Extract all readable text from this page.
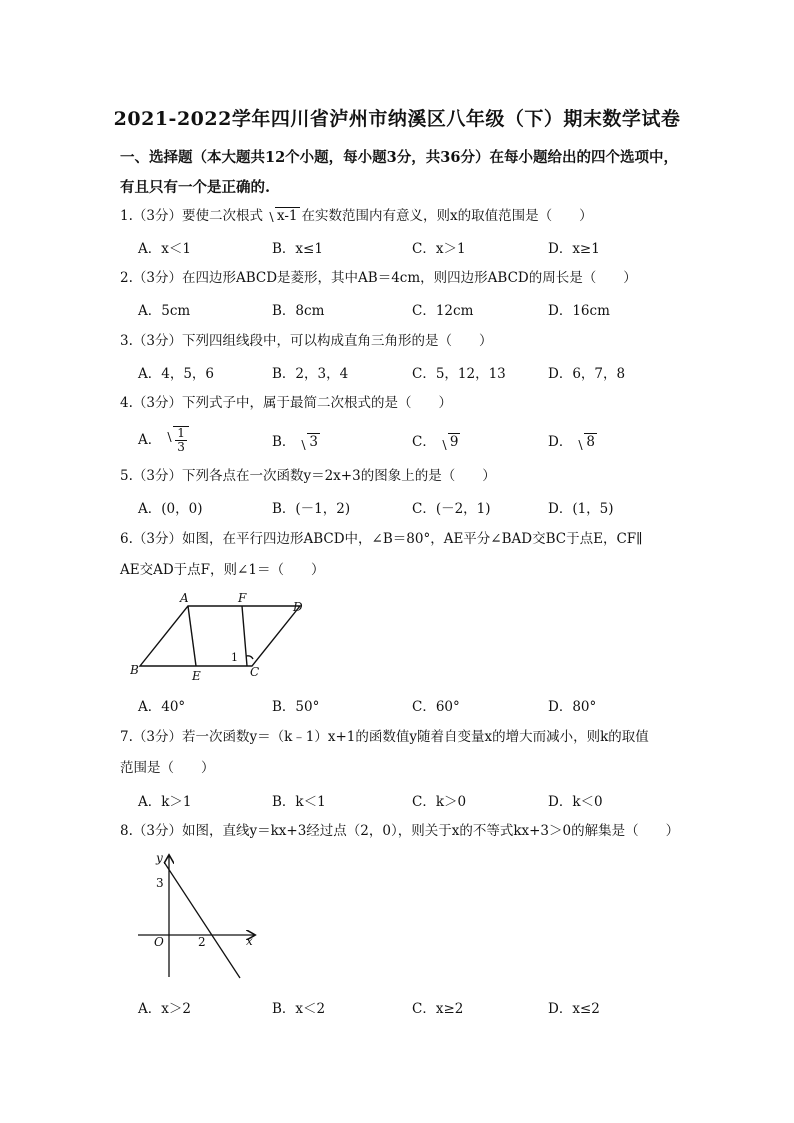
2021-2022学年四川省泸州市纳溪区八年级（下）期末数学试卷
一、选择题（本大题共12个小题，每小题3分，共36分）在每小题给出的四个选项中，
有且只有一个是正确的.
1.（3分）要使二次根式 x-1 在实数范围内有意义，则x的取值范围是（　　）
A．x＜1	B．x≤1	C．x＞1	D．x≥1
2.（3分）在四边形ABCD是菱形，其中AB＝4cm，则四边形ABCD的周长是（　　）
A．5cm	B．8cm	C．12cm	D．16cm
3.（3分）下列四组线段中，可以构成直角三角形的是（　　）
A．4，5，6	B．2，3，4	C．5，12，13	D．6，7，8
4.（3分）下列式子中，属于最简二次根式的是（　　）
A． $\frac{1}{3}$	B． 3	C． 9	D． 8
5.（3分）下列各点在一次函数y＝2x+3的图象上的是（　　）
A．(0，0)	B．(－1，2)	C．(－2，1)	D．(1，5)
6.（3分）如图，在平行四边形ABCD中，∠B＝80°，AE平分∠BAD交BC于点E，CF∥
AE交AD于点F，则∠1＝（　　）
A	F
D
B	E	C
1
A．40°	B．50°	C．60°	D．80°
7.（3分）若一次函数y＝（k﹣1）x+1的函数值y随着自变量x的增大而减小，则k的取值
范围是（　　）
A．k＞1	B．k＜1	C．k＞0	D．k＜0
8.（3分）如图，直线y＝kx+3经过点（2，0），则关于x的不等式kx+3＞0的解集是（　　）
y
x
O
3
2
A．x＞2	B．x＜2	C．x≥2	D．x≤2
